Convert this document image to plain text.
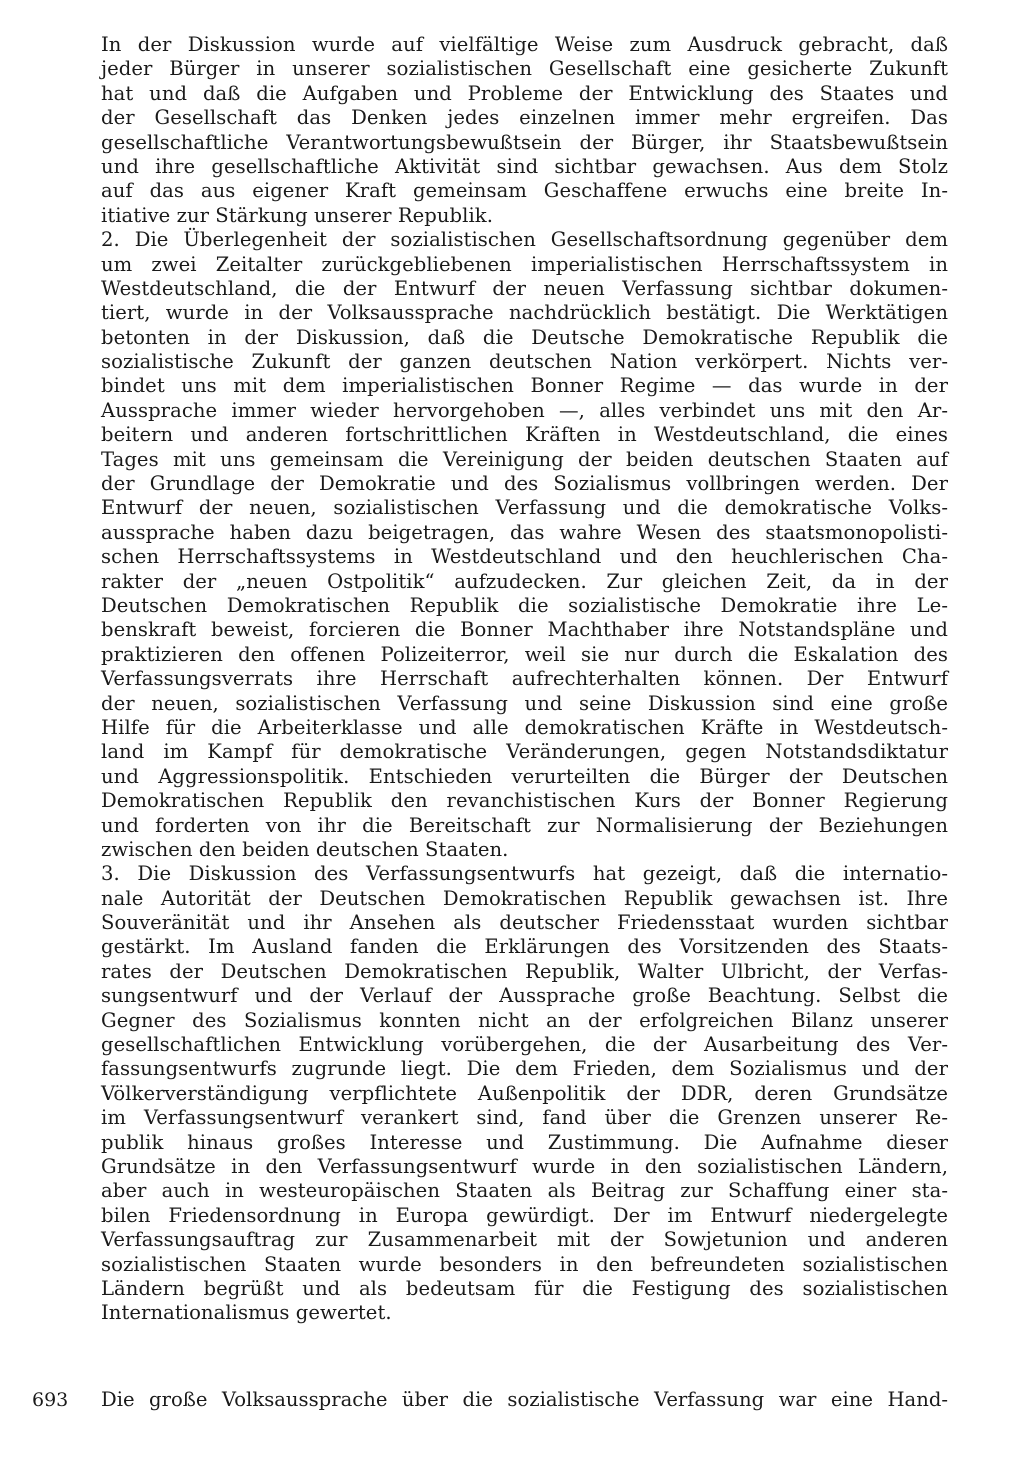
In der Diskussion wurde auf vielfältige Weise zum Ausdruck gebracht, daß
jeder Bürger in unserer sozialistischen Gesellschaft eine gesicherte Zukunft
hat und daß die Aufgaben und Probleme der Entwicklung des Staates und
der Gesellschaft das Denken jedes einzelnen immer mehr ergreifen. Das
gesellschaftliche Verantwortungsbewußtsein der Bürger, ihr Staatsbewußtsein
und ihre gesellschaftliche Aktivität sind sichtbar gewachsen. Aus dem Stolz
auf das aus eigener Kraft gemeinsam Geschaffene erwuchs eine breite In-
itiative zur Stärkung unserer Republik.
2. Die Überlegenheit der sozialistischen Gesellschaftsordnung gegenüber dem
um zwei Zeitalter zurückgebliebenen imperialistischen Herrschaftssystem in
Westdeutschland, die der Entwurf der neuen Verfassung sichtbar dokumen-
tiert, wurde in der Volksaussprache nachdrücklich bestätigt. Die Werktätigen
betonten in der Diskussion, daß die Deutsche Demokratische Republik die
sozialistische Zukunft der ganzen deutschen Nation verkörpert. Nichts ver-
bindet uns mit dem imperialistischen Bonner Regime — das wurde in der
Aussprache immer wieder hervorgehoben —, alles verbindet uns mit den Ar-
beitern und anderen fortschrittlichen Kräften in Westdeutschland, die eines
Tages mit uns gemeinsam die Vereinigung der beiden deutschen Staaten auf
der Grundlage der Demokratie und des Sozialismus vollbringen werden. Der
Entwurf der neuen, sozialistischen Verfassung und die demokratische Volks-
aussprache haben dazu beigetragen, das wahre Wesen des staatsmonopolisti-
schen Herrschaftssystems in Westdeutschland und den heuchlerischen Cha-
rakter der „neuen Ostpolitik“ aufzudecken. Zur gleichen Zeit, da in der
Deutschen Demokratischen Republik die sozialistische Demokratie ihre Le-
benskraft beweist, forcieren die Bonner Machthaber ihre Notstandspläne und
praktizieren den offenen Polizeiterror, weil sie nur durch die Eskalation des
Verfassungsverrats ihre Herrschaft aufrechterhalten können. Der Entwurf
der neuen, sozialistischen Verfassung und seine Diskussion sind eine große
Hilfe für die Arbeiterklasse und alle demokratischen Kräfte in Westdeutsch-
land im Kampf für demokratische Veränderungen, gegen Notstandsdiktatur
und Aggressionspolitik. Entschieden verurteilten die Bürger der Deutschen
Demokratischen Republik den revanchistischen Kurs der Bonner Regierung
und forderten von ihr die Bereitschaft zur Normalisierung der Beziehungen
zwischen den beiden deutschen Staaten.
3. Die Diskussion des Verfassungsentwurfs hat gezeigt, daß die internatio-
nale Autorität der Deutschen Demokratischen Republik gewachsen ist. Ihre
Souveränität und ihr Ansehen als deutscher Friedensstaat wurden sichtbar
gestärkt. Im Ausland fanden die Erklärungen des Vorsitzenden des Staats-
rates der Deutschen Demokratischen Republik, Walter Ulbricht, der Verfas-
sungsentwurf und der Verlauf der Aussprache große Beachtung. Selbst die
Gegner des Sozialismus konnten nicht an der erfolgreichen Bilanz unserer
gesellschaftlichen Entwicklung vorübergehen, die der Ausarbeitung des Ver-
fassungsentwurfs zugrunde liegt. Die dem Frieden, dem Sozialismus und der
Völkerverständigung verpflichtete Außenpolitik der DDR, deren Grundsätze
im Verfassungsentwurf verankert sind, fand über die Grenzen unserer Re-
publik hinaus großes Interesse und Zustimmung. Die Aufnahme dieser
Grundsätze in den Verfassungsentwurf wurde in den sozialistischen Ländern,
aber auch in westeuropäischen Staaten als Beitrag zur Schaffung einer sta-
bilen Friedensordnung in Europa gewürdigt. Der im Entwurf niedergelegte
Verfassungsauftrag zur Zusammenarbeit mit der Sowjetunion und anderen
sozialistischen Staaten wurde besonders in den befreundeten sozialistischen
Ländern begrüßt und als bedeutsam für die Festigung des sozialistischen
Internationalismus gewertet.
693 Die große Volksaussprache über die sozialistische Verfassung war eine Hand-
